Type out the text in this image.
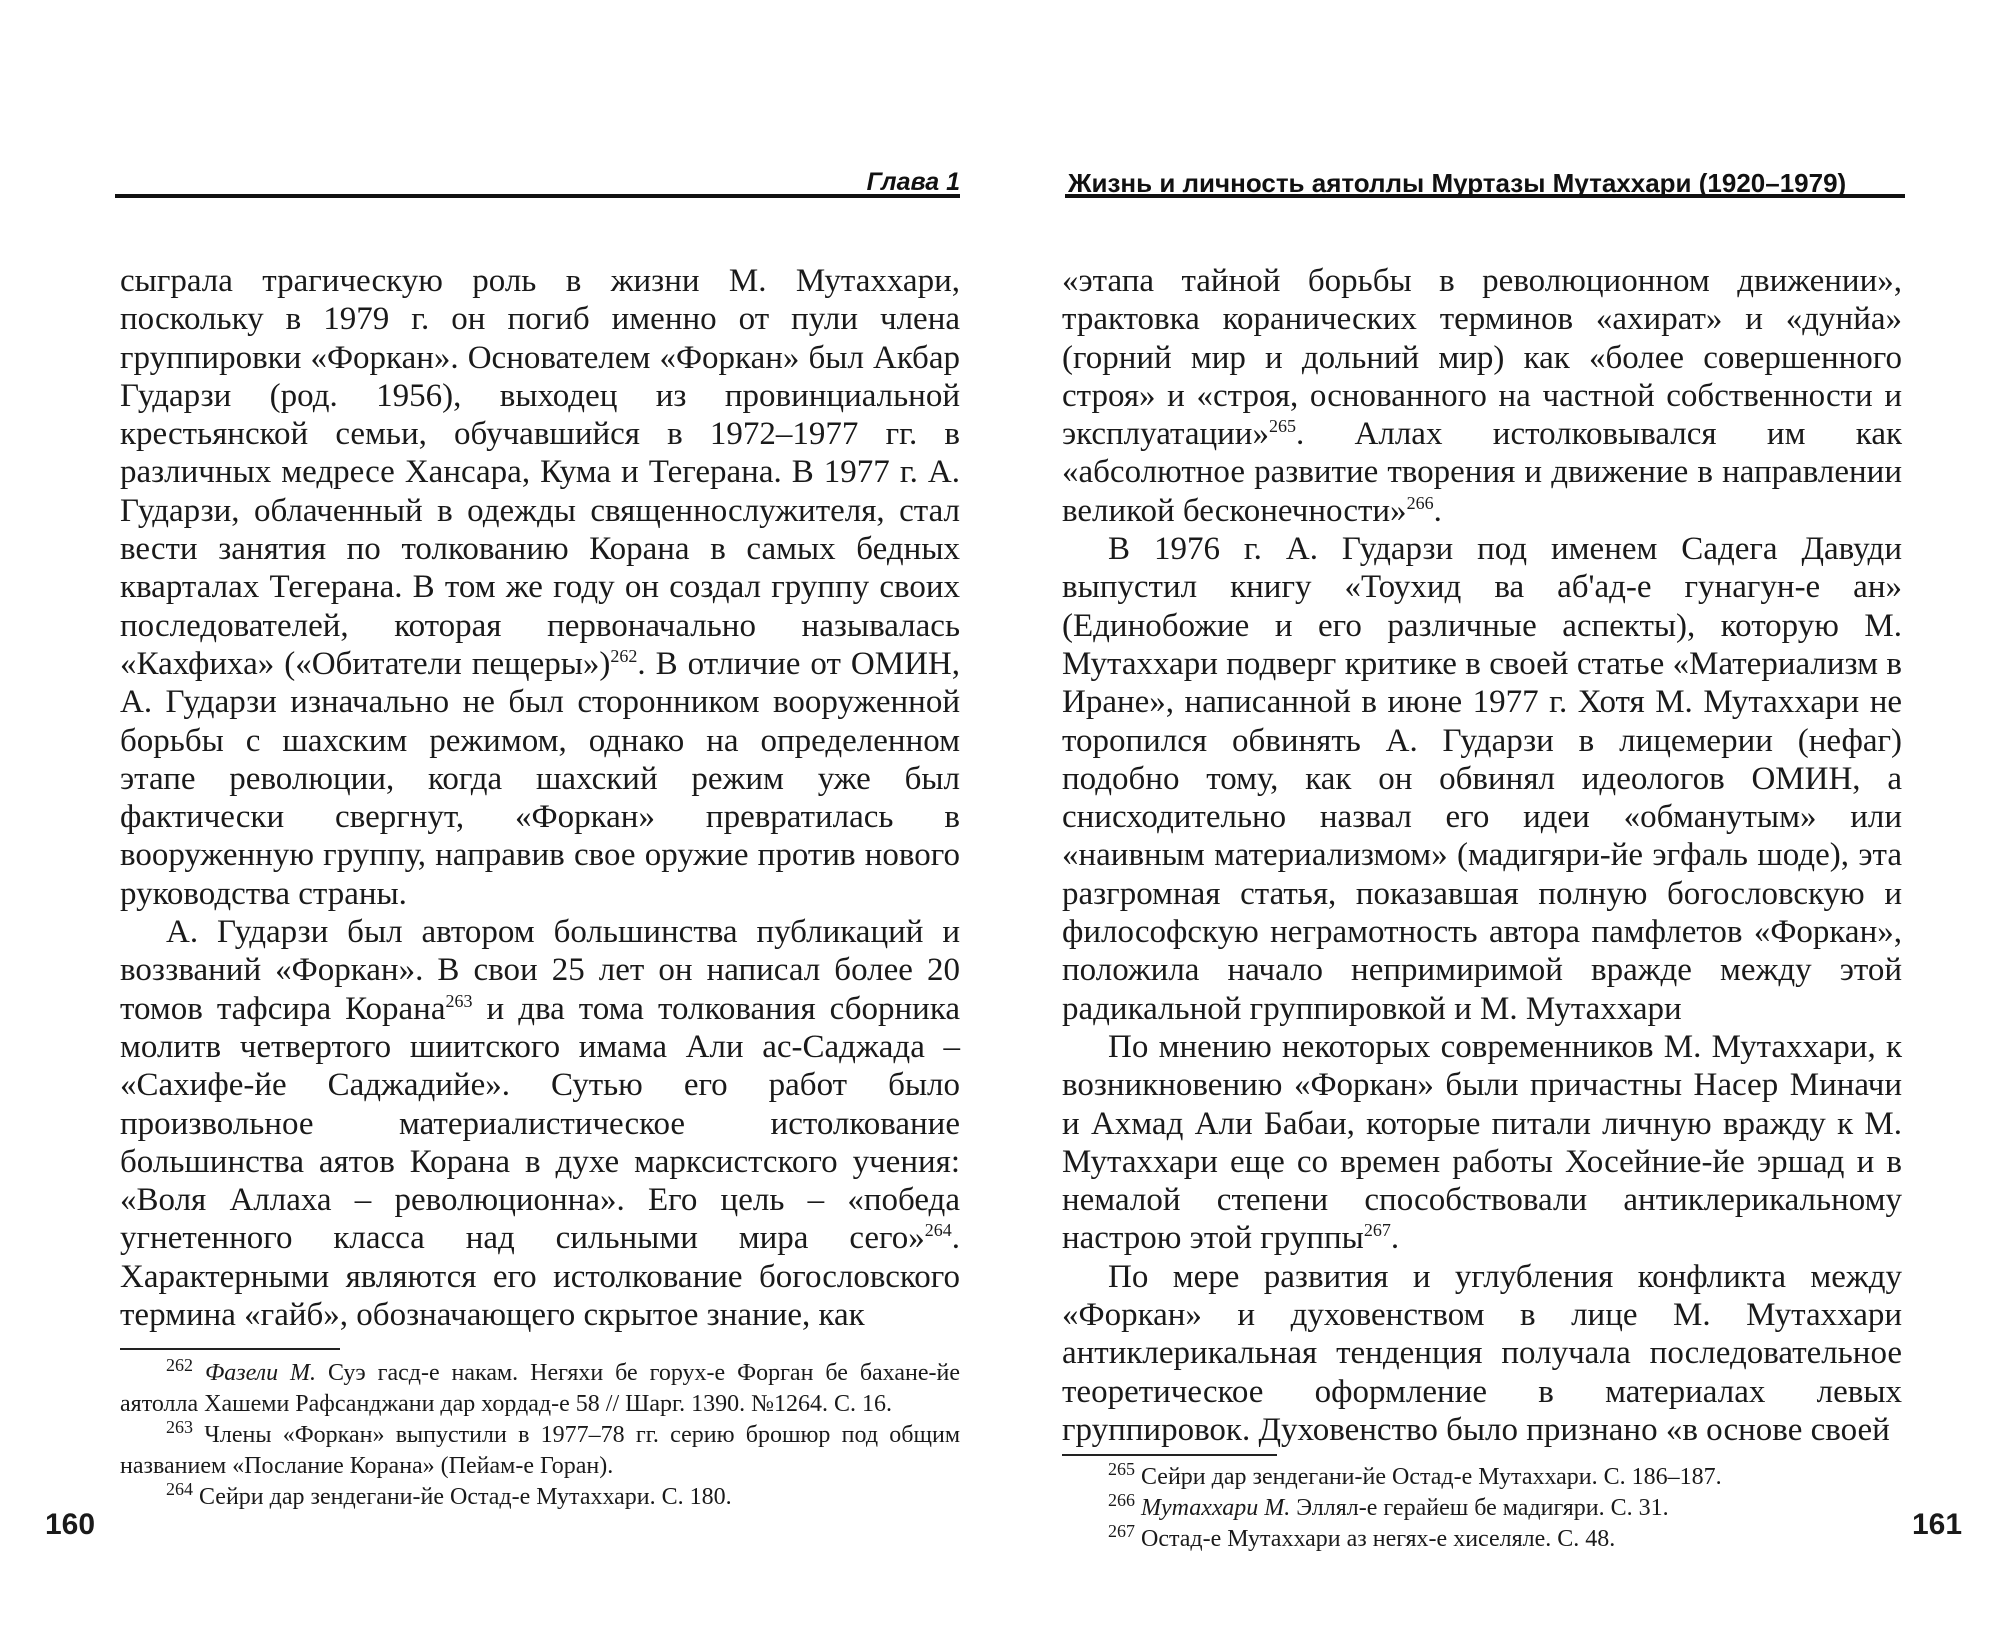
Глава 1

сыграла трагическую роль в жизни М. Мутаххари, поскольку в 1979 г. он погиб именно от пули члена группировки «Форкан». Основателем «Форкан» был Акбар Гударзи (род. 1956), выходец из провинциальной крестьянской семьи, обучавшийся в 1972–1977 гг. в различных медресе Хансара, Кума и Тегерана. В 1977 г. А. Гударзи, облаченный в одежды священнослужителя, стал вести занятия по толкованию Корана в самых бедных кварталах Тегерана. В том же году он создал группу своих последователей, которая первоначально называлась «Кахфиха» («Обитатели пещеры»)$^{262}$. В отличие от ОМИН, А. Гударзи изначально не был сторонником вооруженной борьбы с шахским режимом, однако на определенном этапе революции, когда шахский режим уже был фактически свергнут, «Форкан» превратилась в вооруженную группу, направив свое оружие против нового руководства страны.

А. Гударзи был автором большинства публикаций и воззваний «Форкан». В свои 25 лет он написал более 20 томов тафсира Корана$^{263}$ и два тома толкования сборника молитв четвертого шиитского имама Али ас-Саджада – «Сахифе-йе Саджадийе». Сутью его работ было произвольное материалистическое истолкование большинства аятов Корана в духе марксистского учения: «Воля Аллаха – революционна». Его цель – «победа угнетенного класса над сильными мира сего»$^{264}$. Характерными являются его истолкование богословского термина «гайб», обозначающего скрытое знание, как

$^{262}$ Фазели М. Суэ гасд-е накам. Негяхи бе горух-е Форган бе бахане-йе аятолла Хашеми Рафсанджани дар хордад-е 58 // Шарг. 1390. №1264. С. 16.

$^{263}$ Члены «Форкан» выпустили в 1977–78 гг. серию брошюр под общим названием «Послание Корана» (Пейам-е Горан).

$^{264}$ Сейри дар зендегани-йе Остад-е Мутаххари. С. 180.

160
Жизнь и личность аятоллы Муртазы Мутаххари (1920–1979)

«этапа тайной борьбы в революционном движении», трактовка коранических терминов «ахират» и «дунйа» (горний мир и дольний мир) как «более совершенного строя» и «строя, основанного на частной собственности и эксплуатации»$^{265}$. Аллах истолковывался им как «абсолютное развитие творения и движение в направлении великой бесконечности»$^{266}$.

В 1976 г. А. Гударзи под именем Садега Давуди выпустил книгу «Тоухид ва аб'ад-е гунагун-е ан» (Единобожие и его различные аспекты), которую М. Мутаххари подверг критике в своей статье «Материализм в Иране», написанной в июне 1977 г. Хотя М. Мутаххари не торопился обвинять А. Гударзи в лицемерии (нефаг) подобно тому, как он обвинял идеологов ОМИН, а снисходительно назвал его идеи «обманутым» или «наивным материализмом» (мадигяри-йе эгфаль шоде), эта разгромная статья, показавшая полную богословскую и философскую неграмотность автора памфлетов «Форкан», положила начало непримиримой вражде между этой радикальной группировкой и М. Мутаххари

По мнению некоторых современников М. Мутаххари, к возникновению «Форкан» были причастны Насер Миначи и Ахмад Али Бабаи, которые питали личную вражду к М. Мутаххари еще со времен работы Хосейние-йе эршад и в немалой степени способствовали антиклерикальному настрою этой группы$^{267}$.

По мере развития и углубления конфликта между «Форкан» и духовенством в лице М. Мутаххари антиклерикальная тенденция получала последовательное теоретическое оформление в материалах левых группировок. Духовенство было признано «в основе своей

$^{265}$ Сейри дар зендегани-йе Остад-е Мутаххари. С. 186–187.

$^{266}$ Мутаххари М. Эллял-е герайеш бе мадигяри. С. 31.

$^{267}$ Остад-е Мутаххари аз негях-е хиселяле. С. 48.	161
